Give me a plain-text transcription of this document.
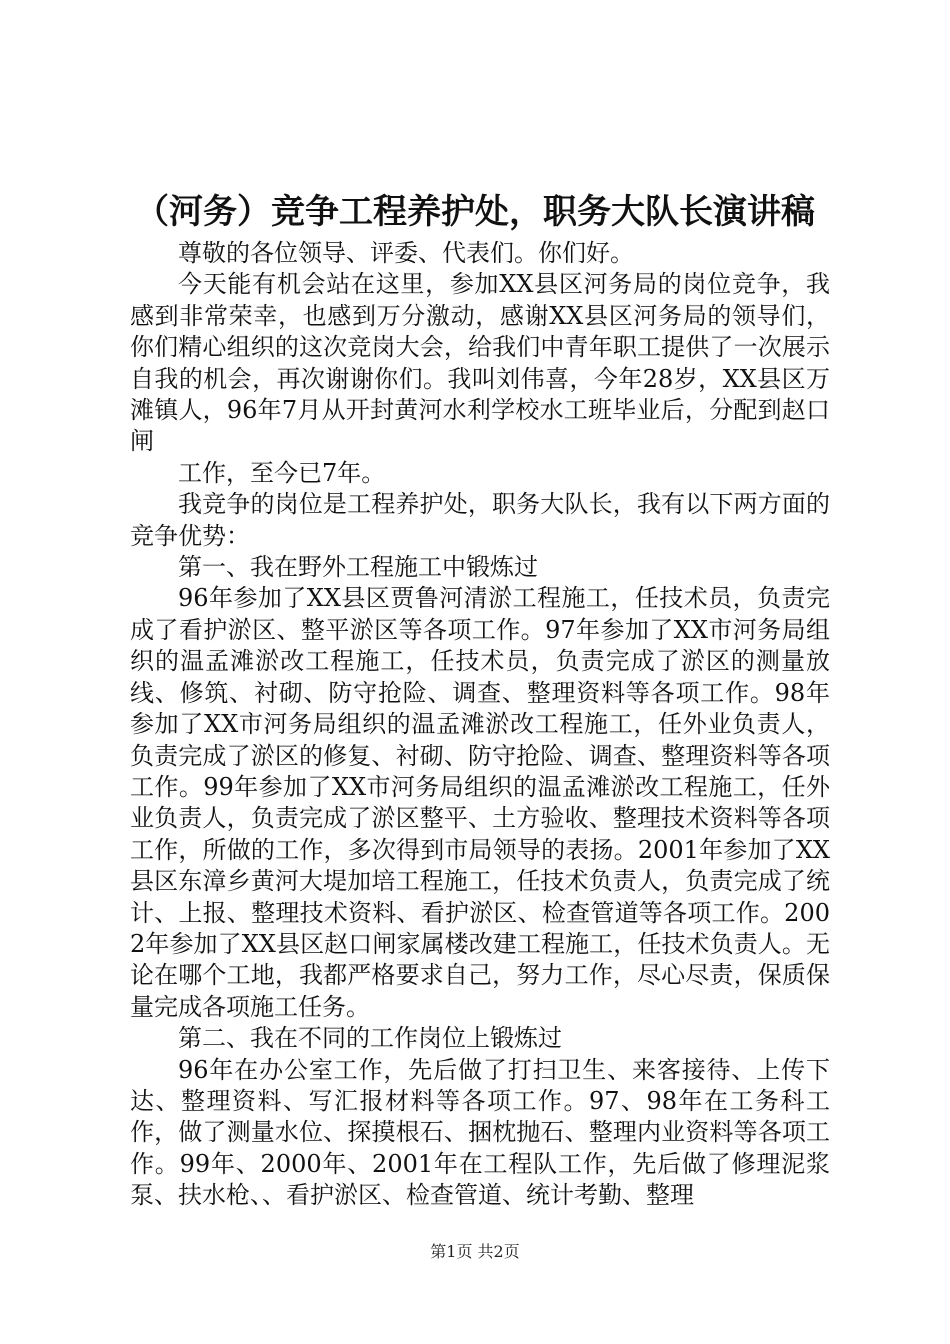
（河务）竞争工程养护处，职务大队长演讲稿

尊敬的各位领导、评委、代表们。你们好。

今天能有机会站在这里，参加XX县区河务局的岗位竞争，我感到非常荣幸，也感到万分激动，感谢XX县区河务局的领导们，你们精心组织的这次竞岗大会，给我们中青年职工提供了一次展示自我的机会，再次谢谢你们。我叫刘伟喜，今年28岁，XX县区万滩镇人，96年7月从开封黄河水利学校水工班毕业后，分配到赵口闸

工作，至今已7年。

我竞争的岗位是工程养护处，职务大队长，我有以下两方面的竞争优势：

第一、我在野外工程施工中锻炼过

96年参加了XX县区贾鲁河清淤工程施工，任技术员，负责完成了看护淤区、整平淤区等各项工作。97年参加了XX市河务局组织的温孟滩淤改工程施工，任技术员，负责完成了淤区的测量放线、修筑、衬砌、防守抢险、调查、整理资料等各项工作。98年参加了XX市河务局组织的温孟滩淤改工程施工，任外业负责人，负责完成了淤区的修复、衬砌、防守抢险、调查、整理资料等各项工作。99年参加了XX市河务局组织的温孟滩淤改工程施工，任外业负责人，负责完成了淤区整平、土方验收、整理技术资料等各项工作，所做的工作，多次得到市局领导的表扬。2001年参加了XX县区东漳乡黄河大堤加培工程施工，任技术负责人，负责完成了统计、上报、整理技术资料、看护淤区、检查管道等各项工作。2002年参加了XX县区赵口闸家属楼改建工程施工，任技术负责人。无论在哪个工地，我都严格要求自己，努力工作，尽心尽责，保质保量完成各项施工任务。

第二、我在不同的工作岗位上锻炼过

96年在办公室工作，先后做了打扫卫生、来客接待、上传下达、整理资料、写汇报材料等各项工作。97、98年在工务科工作，做了测量水位、探摸根石、捆枕抛石、整理内业资料等各项工作。99年、2000年、2001年在工程队工作，先后做了修理泥浆泵、扶水枪、、看护淤区、检查管道、统计考勤、整理

第1页 共2页
